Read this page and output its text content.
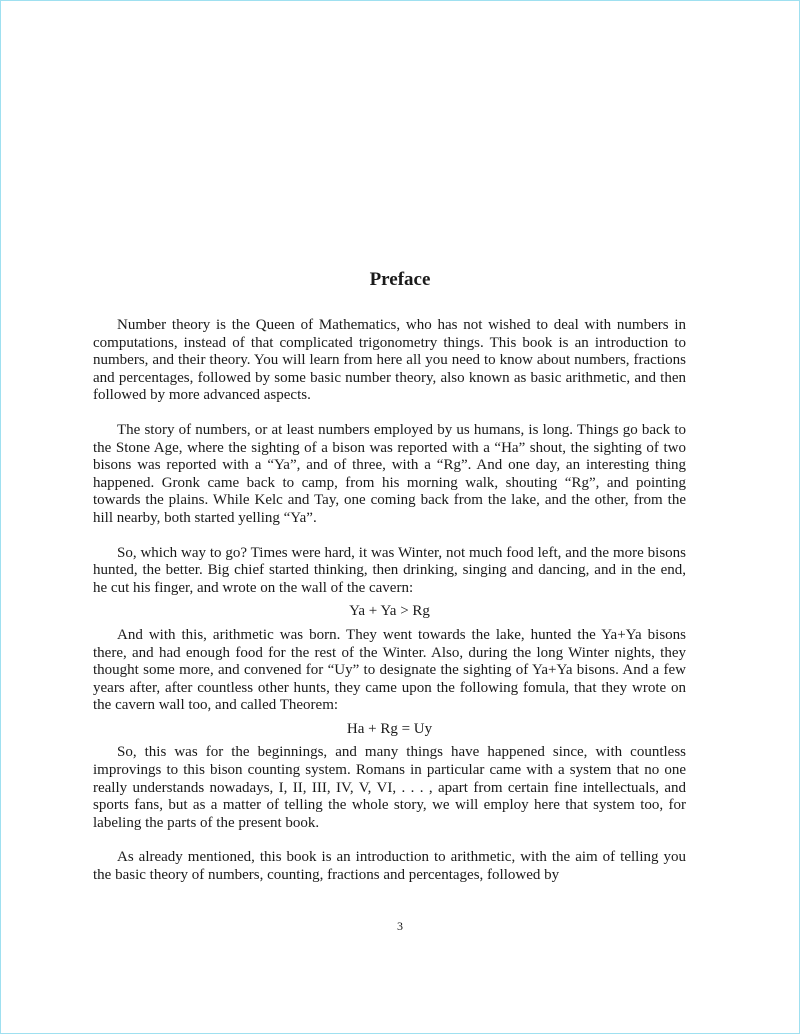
Preface

Number theory is the Queen of Mathematics, who has not wished to deal with numbers in computations, instead of that complicated trigonometry things. This book is an introduction to numbers, and their theory. You will learn from here all you need to know about numbers, fractions and percentages, followed by some basic number theory, also known as basic arithmetic, and then followed by more advanced aspects.

The story of numbers, or at least numbers employed by us humans, is long. Things go back to the Stone Age, where the sighting of a bison was reported with a “Ha” shout, the sighting of two bisons was reported with a “Ya”, and of three, with a “Rg”. And one day, an interesting thing happened. Gronk came back to camp, from his morning walk, shouting “Rg”, and pointing towards the plains. While Kelc and Tay, one coming back from the lake, and the other, from the hill nearby, both started yelling “Ya”.

So, which way to go? Times were hard, it was Winter, not much food left, and the more bisons hunted, the better. Big chief started thinking, then drinking, singing and dancing, and in the end, he cut his finger, and wrote on the wall of the cavern:

Ya + Ya > Rg

And with this, arithmetic was born. They went towards the lake, hunted the Ya+Ya bisons there, and had enough food for the rest of the Winter. Also, during the long Winter nights, they thought some more, and convened for “Uy” to designate the sighting of Ya+Ya bisons. And a few years after, after countless other hunts, they came upon the following fomula, that they wrote on the cavern wall too, and called Theorem:

Ha + Rg = Uy

So, this was for the beginnings, and many things have happened since, with countless improvings to this bison counting system. Romans in particular came with a system that no one really understands nowadays, I, II, III, IV, V, VI, . . . , apart from certain fine intellectuals, and sports fans, but as a matter of telling the whole story, we will employ here that system too, for labeling the parts of the present book.

As already mentioned, this book is an introduction to arithmetic, with the aim of telling you the basic theory of numbers, counting, fractions and percentages, followed by

3
